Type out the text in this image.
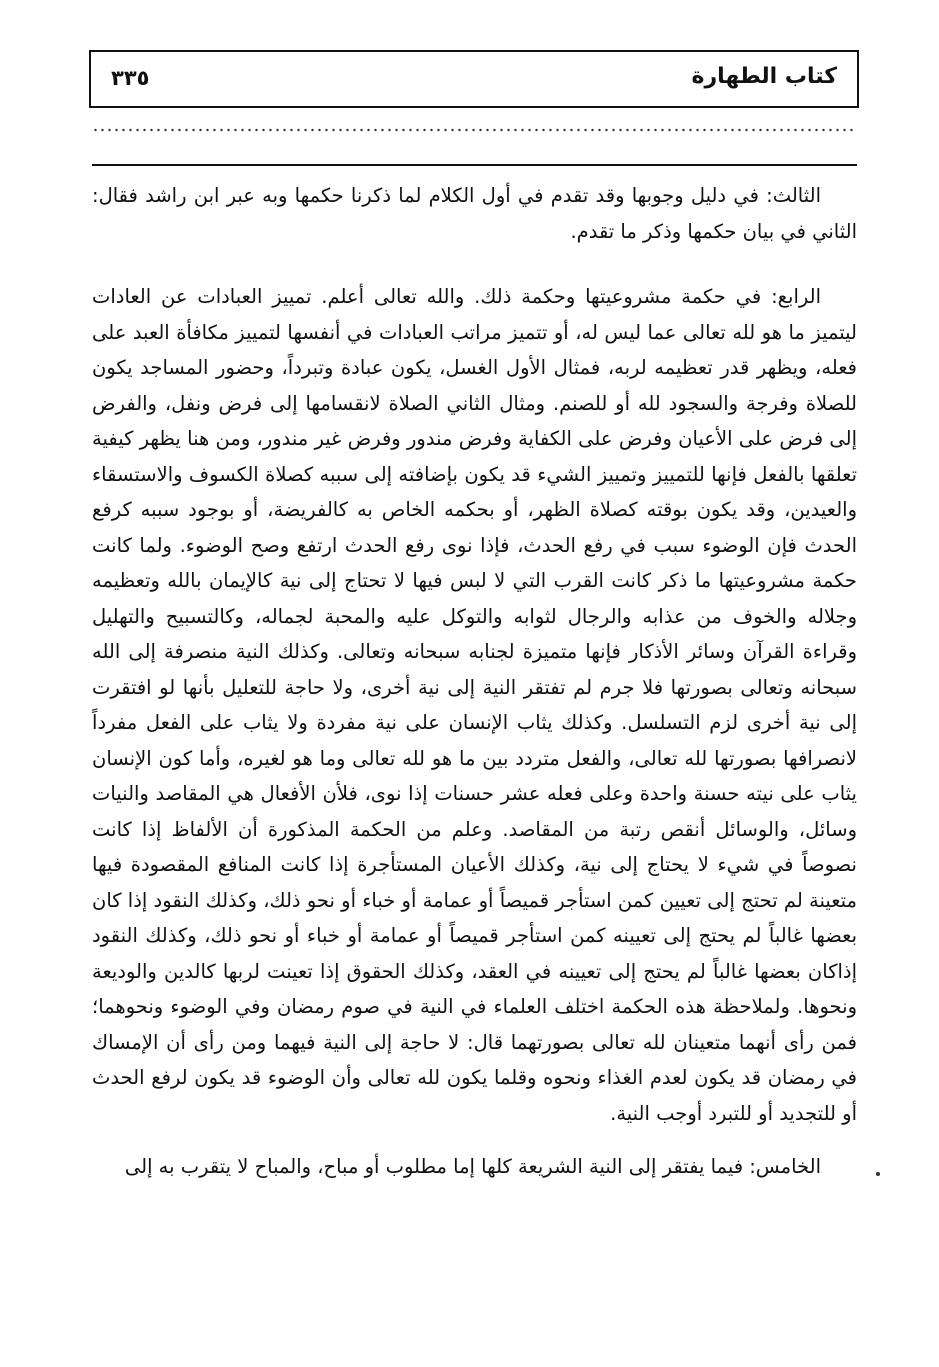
٣٣٥	كتاب الطهارة

الثالث: في دليل وجوبها وقد تقدم في أول الكلام لما ذكرنا حكمها وبه عبر ابن راشد فقال: الثاني في بيان حكمها وذكر ما تقدم.

الرابع: في حكمة مشروعيتها وحكمة ذلك. والله تعالى أعلم. تمييز العبادات عن العادات ليتميز ما هو لله تعالى عما ليس له، أو تتميز مراتب العبادات في أنفسها لتمييز مكافأة العبد على فعله، ويظهر قدر تعظيمه لربه، فمثال الأول الغسل، يكون عبادة وتبرداً، وحضور المساجد يكون للصلاة وفرجة والسجود لله أو للصنم. ومثال الثاني الصلاة لانقسامها إلى فرض ونفل، والفرض إلى فرض على الأعيان وفرض على الكفاية وفرض مندور وفرض غير مندور، ومن هنا يظهر كيفية تعلقها بالفعل فإنها للتمييز وتمييز الشيء قد يكون بإضافته إلى سببه كصلاة الكسوف والاستسقاء والعيدين، وقد يكون بوقته كصلاة الظهر، أو بحكمه الخاص به كالفريضة، أو بوجود سببه كرفع الحدث فإن الوضوء سبب في رفع الحدث، فإذا نوى رفع الحدث ارتفع وصح الوضوء. ولما كانت حكمة مشروعيتها ما ذكر كانت القرب التي لا لبس فيها لا تحتاج إلى نية كالإيمان بالله وتعظيمه وجلاله والخوف من عذابه والرجال لثوابه والتوكل عليه والمحبة لجماله، وكالتسبيح والتهليل وقراءة القرآن وسائر الأذكار فإنها متميزة لجنابه سبحانه وتعالى. وكذلك النية منصرفة إلى الله سبحانه وتعالى بصورتها فلا جرم لم تفتقر النية إلى نية أخرى، ولا حاجة للتعليل بأنها لو افتقرت إلى نية أخرى لزم التسلسل. وكذلك يثاب الإنسان على نية مفردة ولا يثاب على الفعل مفرداً لانصرافها بصورتها لله تعالى، والفعل متردد بين ما هو لله تعالى وما هو لغيره، وأما كون الإنسان يثاب على نيته حسنة واحدة وعلى فعله عشر حسنات إذا نوى، فلأن الأفعال هي المقاصد والنيات وسائل، والوسائل أنقص رتبة من المقاصد. وعلم من الحكمة المذكورة أن الألفاظ إذا كانت نصوصاً في شيء لا يحتاج إلى نية، وكذلك الأعيان المستأجرة إذا كانت المنافع المقصودة فيها متعينة لم تحتج إلى تعيين كمن استأجر قميصاً أو عمامة أو خباء أو نحو ذلك، وكذلك النقود إذا كان بعضها غالباً لم يحتج إلى تعيينه كمن استأجر قميصاً أو عمامة أو خباء أو نحو ذلك، وكذلك النقود إذاكان بعضها غالباً لم يحتج إلى تعيينه في العقد، وكذلك الحقوق إذا تعينت لربها كالدين والوديعة ونحوها. ولملاحظة هذه الحكمة اختلف العلماء في النية في صوم رمضان وفي الوضوء ونحوهما؛ فمن رأى أنهما متعينان لله تعالى بصورتهما قال: لا حاجة إلى النية فيهما ومن رأى أن الإمساك في رمضان قد يكون لعدم الغذاء ونحوه وقلما يكون لله تعالى وأن الوضوء قد يكون لرفع الحدث أو للتجديد أو للتبرد أوجب النية.

الخامس: فيما يفتقر إلى النية الشريعة كلها إما مطلوب أو مباح، والمباح لا يتقرب به إلى
